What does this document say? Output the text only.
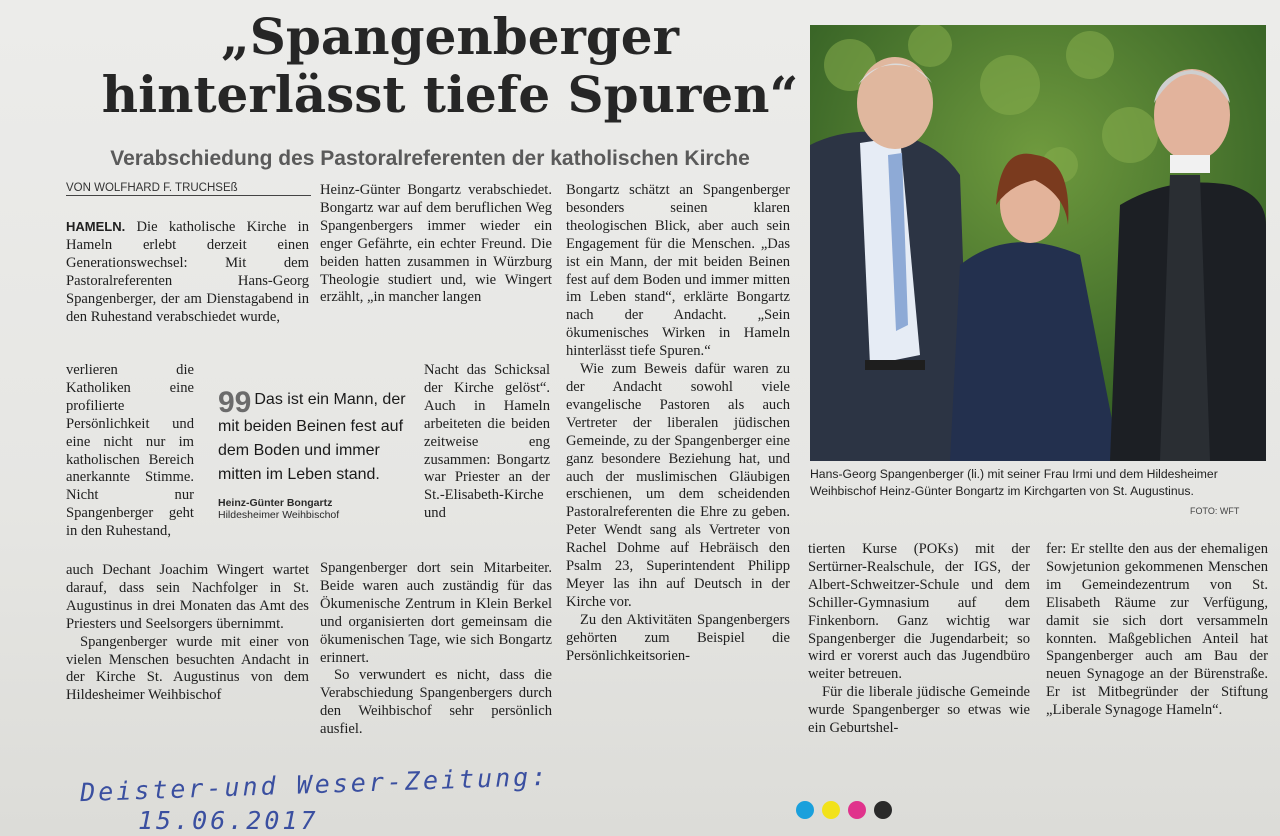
„Spangenberger hinterlässt tiefe Spuren“
Verabschiedung des Pastoralreferenten der katholischen Kirche
VON WOLFHARD F. TRUCHSEß

HAMELN. Die katholische Kirche in Hameln erlebt derzeit einen Generationswechsel: Mit dem Pastoralreferenten Hans-Georg Spangenberger, der am Dienstagabend in den Ruhestand verabschiedet wurde,

verlieren die Katholiken eine profilierte Persönlichkeit und eine nicht nur im katholischen Bereich anerkannte Stimme. Nicht nur Spangenberger geht in den Ruhestand,

auch Dechant Joachim Wingert wartet darauf, dass sein Nachfolger in St. Augustinus in drei Monaten das Amt des Priesters und Seelsorgers übernimmt.

Spangenberger wurde mit einer von vielen Menschen besuchten Andacht in der Kirche St. Augustinus von dem Hildesheimer Weihbischof

99 Das ist ein Mann, der mit beiden Beinen fest auf dem Boden und immer mitten im Leben stand.
Heinz-Günter Bongartz
Hildesheimer Weihbischof

Heinz-Günter Bongartz verabschiedet. Bongartz war auf dem beruflichen Weg Spangenbergers immer wieder ein enger Gefährte, ein echter Freund. Die beiden hatten zusammen in Würzburg Theologie studiert und, wie Wingert erzählt, „in mancher langen

Nacht das Schicksal der Kirche gelöst“. Auch in Hameln arbeiteten die beiden zeitweise eng zusammen: Bongartz war Priester an der St.-Elisabeth-Kirche und

Spangenberger dort sein Mitarbeiter. Beide waren auch zuständig für das Ökumenische Zentrum in Klein Berkel und organisierten dort gemeinsam die ökumenischen Tage, wie sich Bongartz erinnert.

So verwundert es nicht, dass die Verabschiedung Spangenbergers durch den Weihbischof sehr persönlich ausfiel.

Bongartz schätzt an Spangenberger besonders seinen klaren theologischen Blick, aber auch sein Engagement für die Menschen. „Das ist ein Mann, der mit beiden Beinen fest auf dem Boden und immer mitten im Leben stand“, erklärte Bongartz nach der Andacht. „Sein ökumenisches Wirken in Hameln hinterlässt tiefe Spuren.“

Wie zum Beweis dafür waren zu der Andacht sowohl viele evangelische Pastoren als auch Vertreter der liberalen jüdischen Gemeinde, zu der Spangenberger eine ganz besondere Beziehung hat, und auch der muslimischen Gläubigen erschienen, um dem scheidenden Pastoralreferenten die Ehre zu geben. Peter Wendt sang als Vertreter von Rachel Dohme auf Hebräisch den Psalm 23, Superintendent Philipp Meyer las ihn auf Deutsch in der Kirche vor.

Zu den Aktivitäten Spangenbergers gehörten zum Beispiel die Persönlichkeitsorien-

Hans-Georg Spangenberger (li.) mit seiner Frau Irmi und dem Hildesheimer Weihbischof Heinz-Günter Bongartz im Kirchgarten von St. Augustinus.
FOTO: WFT

tierten Kurse (POKs) mit der Sertürner-Realschule, der IGS, der Albert-Schweitzer-Schule und dem Schiller-Gymnasium auf dem Finkenborn. Ganz wichtig war Spangenberger die Jugendarbeit; so wird er vorerst auch das Jugendbüro weiter betreuen.

Für die liberale jüdische Gemeinde wurde Spangenberger so etwas wie ein Geburtshel-

fer: Er stellte den aus der ehemaligen Sowjetunion gekommenen Menschen im Gemeindezentrum von St. Elisabeth Räume zur Verfügung, damit sie sich dort versammeln konnten. Maßgeblichen Anteil hat Spangenberger auch am Bau der neuen Synagoge an der Bürenstraße. Er ist Mitbegründer der Stiftung „Liberale Synagoge Hameln“.

Deister-und Weser-Zeitung:
15.06.2017
